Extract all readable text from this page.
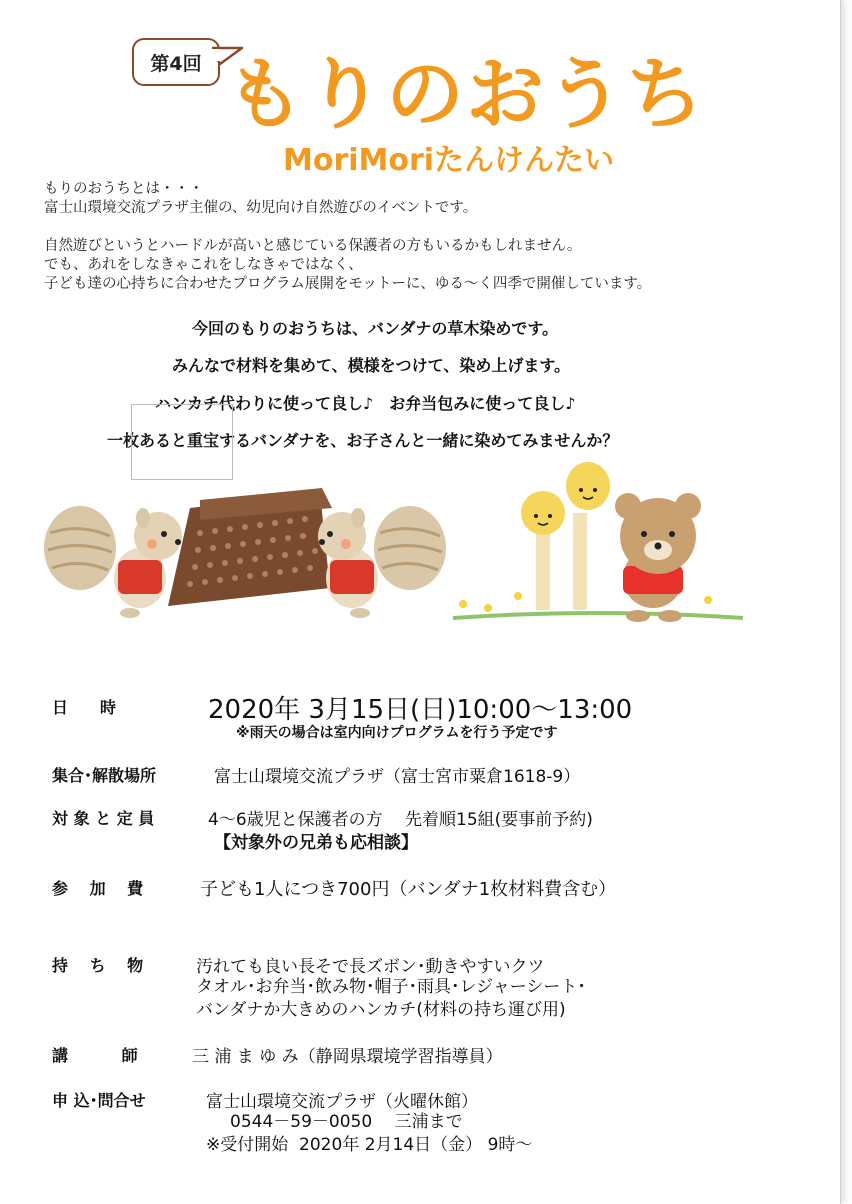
第4回 もりのおうち
MoriMoriたんけんたい
もりのおうちとは・・・
富士山環境交流プラザ主催の、幼児向け自然遊びのイベントです。
自然遊びというとハードルが高いと感じている保護者の方もいるかもしれません。
でも、あれをしなきゃこれをしなきゃではなく、
子ども達の心持ちに合わせたプログラム展開をモットーに、ゆる～く四季で開催しています。
今回のもりのおうちは、バンダナの草木染めです。
みんなで材料を集めて、模様をつけて、染め上げます。
ハンカチ代わりに使って良し♪　お弁当包みに使って良し♪
一枚あると重宝するバンダナを、お子さんと一緒に染めてみませんか？
日　　時	2020年 3月15日(日)10:00～13:00
※雨天の場合は室内向けプログラムを行う予定です
集合･解散場所	富士山環境交流プラザ（富士宮市粟倉1618-9）
対 象 と 定 員	4～6歳児と保護者の方　 先着順15組(要事前予約)
【対象外の兄弟も応相談】
参　 加　 費	子ども1人につき700円（バンダナ1枚材料費含む）
持　 ち　 物	汚れても良い長そで長ズボン･動きやすいクツ
タオル･お弁当･飲み物･帽子･雨具･レジャーシート･
バンダナか大きめのハンカチ(材料の持ち運び用)
講　　　 師	三 浦 ま ゆ み（静岡県環境学習指導員）
申 込･問合せ	富士山環境交流プラザ（火曜休館）
0544－59－0050　 三浦まで
※受付開始  2020年 2月14日（金） 9時～
